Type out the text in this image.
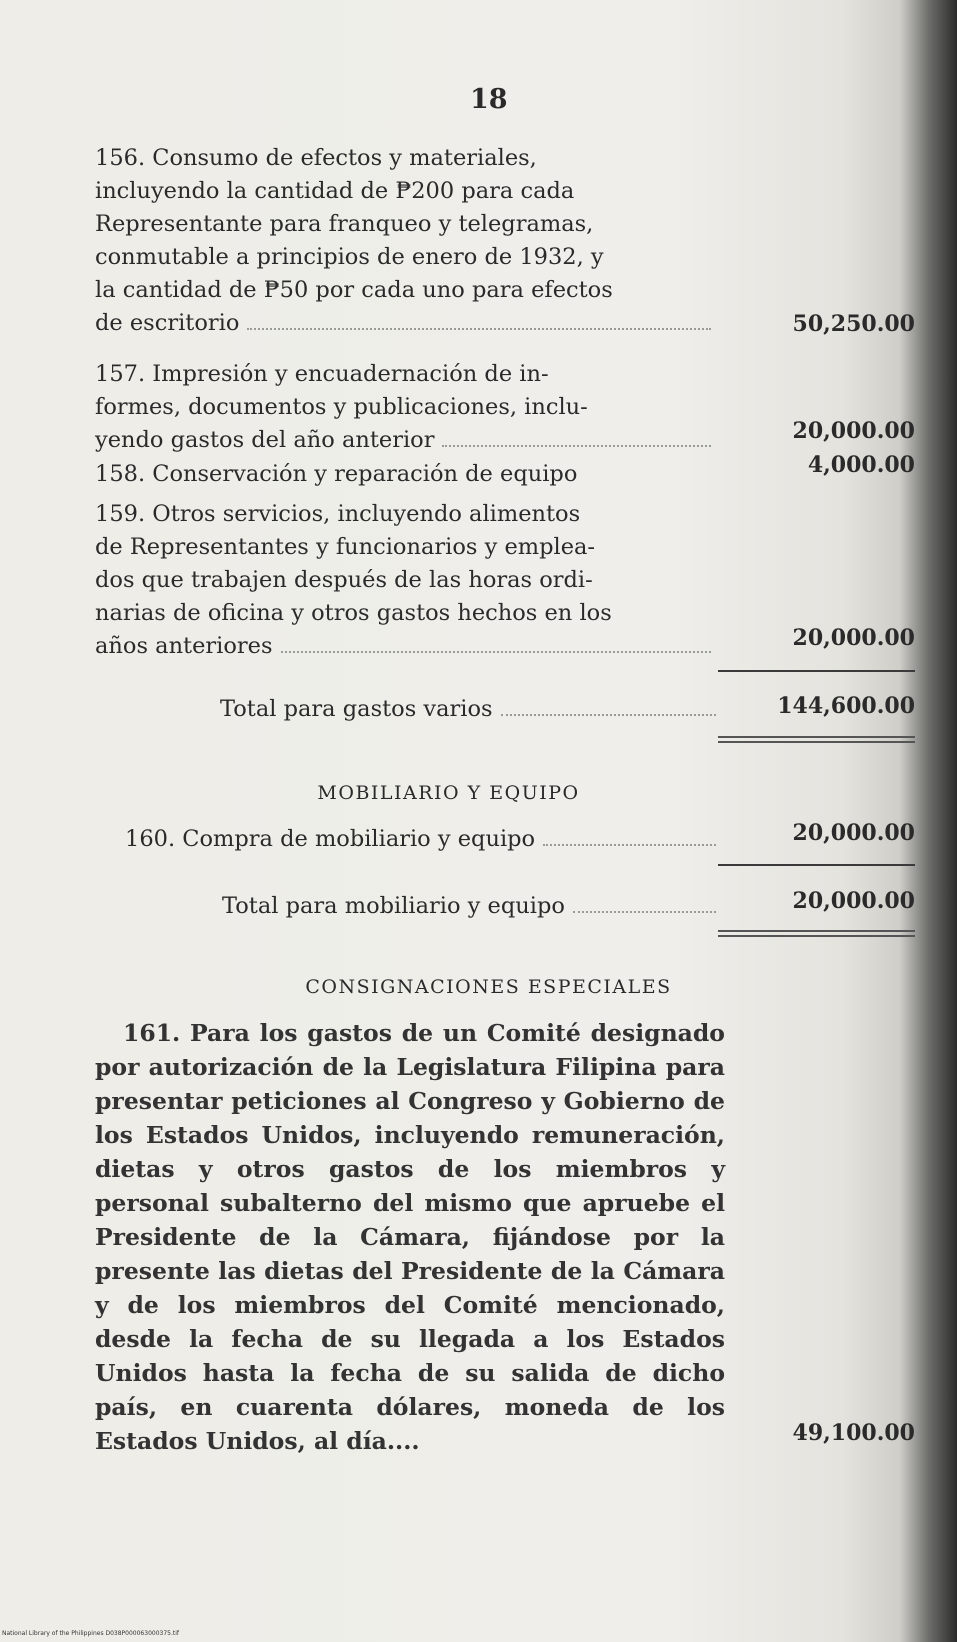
18
156. Consumo de efectos y materiales,
incluyendo la cantidad de ₱200 para cada
Representante para franqueo y telegramas,
conmutable a principios de enero de 1932, y
la cantidad de ₱50 por cada uno para efectos
de escritorio	50,250.00
157. Impresión y encuadernación de in-
formes, documentos y publicaciones, inclu-
yendo gastos del año anterior	20,000.00
158. Conservación y reparación de equipo	4,000.00
159. Otros servicios, incluyendo alimentos
de Representantes y funcionarios y emplea-
dos que trabajen después de las horas ordi-
narias de oficina y otros gastos hechos en los
años anteriores	20,000.00
Total para gastos varios	144,600.00
MOBILIARIO Y EQUIPO
160. Compra de mobiliario y equipo	20,000.00
Total para mobiliario y equipo	20,000.00
CONSIGNACIONES ESPECIALES
161. Para los gastos de un Comité designado por autorización de la Legislatura Filipina para presentar peticiones al Congreso y Gobierno de los Estados Unidos, incluyendo remuneración, dietas y otros gastos de los miembros y personal subalterno del mismo que apruebe el Presidente de la Cámara, fijándose por la presente las dietas del Presidente de la Cámara y de los miembros del Comité mencionado, desde la fecha de su llegada a los Estados Unidos hasta la fecha de su salida de dicho país, en cuarenta dólares, moneda de los Estados Unidos, al día....	49,100.00
National Library of the Philippines D038P000063000375.tif
